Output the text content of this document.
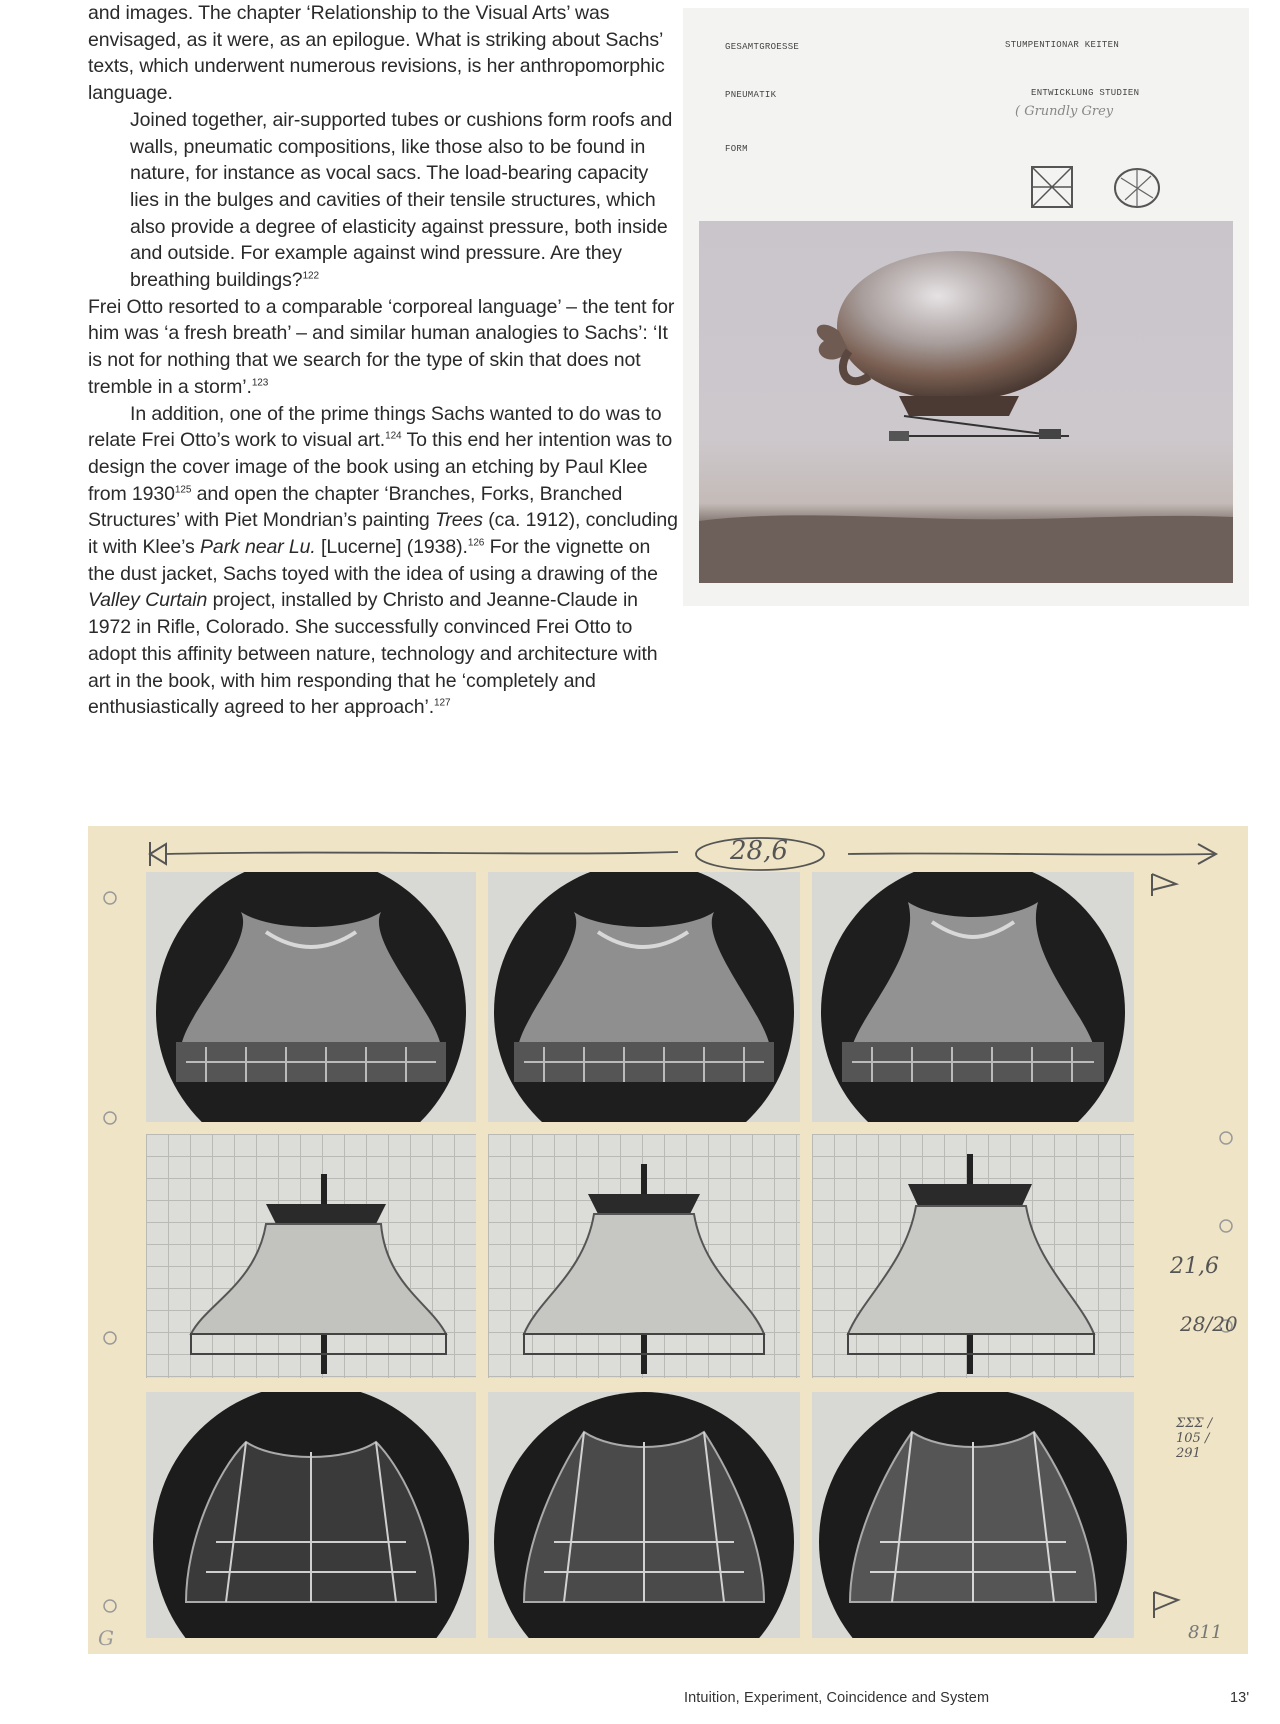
and images. The chapter ‘Relationship to the Visual Arts’ was envisaged, as it were, as an epilogue. What is striking about Sachs’ texts, which underwent numerous revisions, is her anthropomorphic language.

Joined together, air-supported tubes or cushions form roofs and walls, pneumatic compositions, like those also to be found in nature, for instance as vocal sacs. The load-bearing capacity lies in the bulges and cavities of their tensile structures, which also provide a degree of elasticity against pressure, both inside and outside. For example against wind pressure. Are they breathing buildings?$^{122}$

Frei Otto resorted to a comparable ‘corporeal language’ – the tent for him was ‘a fresh breath’ – and similar human analogies to Sachs’: ‘It is not for nothing that we search for the type of skin that does not tremble in a storm’.$^{123}$

In addition, one of the prime things Sachs wanted to do was to relate Frei Otto’s work to visual art.$^{124}$ To this end her intention was to design the cover image of the book using an etching by Paul Klee from 1930$^{125}$ and open the chapter ‘Branches, Forks, Branched Structures’ with Piet Mondrian’s painting Trees (ca. 1912), concluding it with Klee’s Park near Lu. [Lucerne] (1938).$^{126}$ For the vignette on the dust jacket, Sachs toyed with the idea of using a drawing of the Valley Curtain project, installed by Christo and Jeanne-Claude in 1972 in Rifle, Colorado. She successfully convinced Frei Otto to adopt this affinity between nature, technology and architecture with art in the book, with him responding that he ‘completely and enthusiastically agreed to her approach’.$^{127}$

GESAMTGROESSE	STUMPENTIONAR KEITEN
PNEUMATIK	ENTWICKLUNG STUDIEN
( Grundly Grey
FORM
28,6
21,6
28/20
ΣΣΣ / 105 / 291
G	811
Intuition, Experiment, Coincidence and System	13'
